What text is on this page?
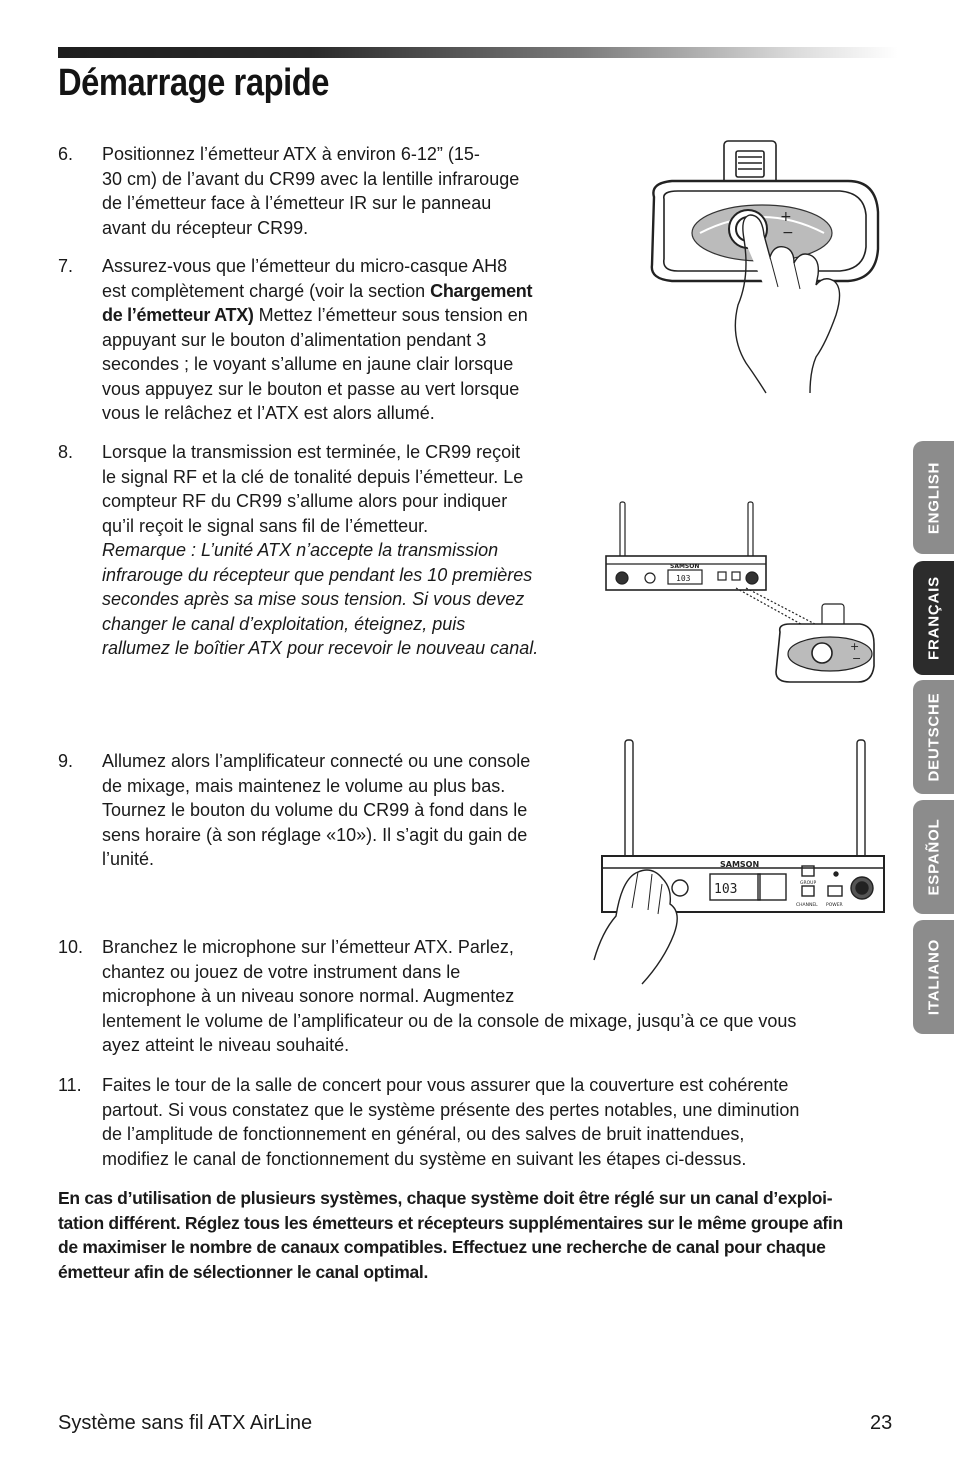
Démarrage rapide
6. Positionnez l’émetteur ATX à environ 6-12” (15-
30 cm) de l’avant du CR99 avec la lentille infrarouge
de l’émetteur face à l’émetteur IR sur le panneau
avant du récepteur CR99.
7. Assurez-vous que l’émetteur du micro-casque AH8
est complètement chargé (voir la section Chargement
de l’émetteur ATX) Mettez l’émetteur sous tension en
appuyant sur le bouton d’alimentation pendant 3
secondes ; le voyant s’allume en jaune clair lorsque
vous appuyez sur le bouton et passe au vert lorsque
vous le relâchez et l’ATX est alors allumé.
8. Lorsque la transmission est terminée, le CR99 reçoit
le signal RF et la clé de tonalité depuis l’émetteur. Le
compteur RF du CR99 s’allume alors pour indiquer
qu’il reçoit le signal sans fil de l’émetteur.
Remarque : L’unité ATX n’accepte la transmission
infrarouge du récepteur que pendant les 10 premières
secondes après sa mise sous tension. Si vous devez
changer le canal d’exploitation, éteignez, puis
rallumez le boîtier ATX pour recevoir le nouveau canal.
9. Allumez alors l’amplificateur connecté ou une console
de mixage, mais maintenez le volume au plus bas.
Tournez le bouton du volume du CR99 à fond dans le
sens horaire (à son réglage «10»). Il s’agit du gain de
l’unité.
10. Branchez le microphone sur l’émetteur ATX. Parlez,
chantez ou jouez de votre instrument dans le
microphone à un niveau sonore normal. Augmentez
lentement le volume de l’amplificateur ou de la console de mixage, jusqu’à ce que vous
ayez atteint le niveau souhaité.
11. Faites le tour de la salle de concert pour vous assurer que la couverture est cohérente
partout. Si vous constatez que le système présente des pertes notables, une diminution
de l’amplitude de fonctionnement en général, ou des salves de bruit inattendues,
modifiez le canal de fonctionnement du système en suivant les étapes ci-dessus.
En cas d’utilisation de plusieurs systèmes, chaque système doit être réglé sur un canal d’exploi-
tation différent. Réglez tous les émetteurs et récepteurs supplémentaires sur le même groupe afin
de maximiser le nombre de canaux compatibles. Effectuez une recherche de canal pour chaque
émetteur afin de sélectionner le canal optimal.
Système sans fil ATX AirLine	23
ENGLISH
FRANÇAIS
DEUTSCHE
ESPAÑOL
ITALIANO
+
−
+
−
SAMSON
103
SAMSON
103	GROUP
CHANNEL POWER
